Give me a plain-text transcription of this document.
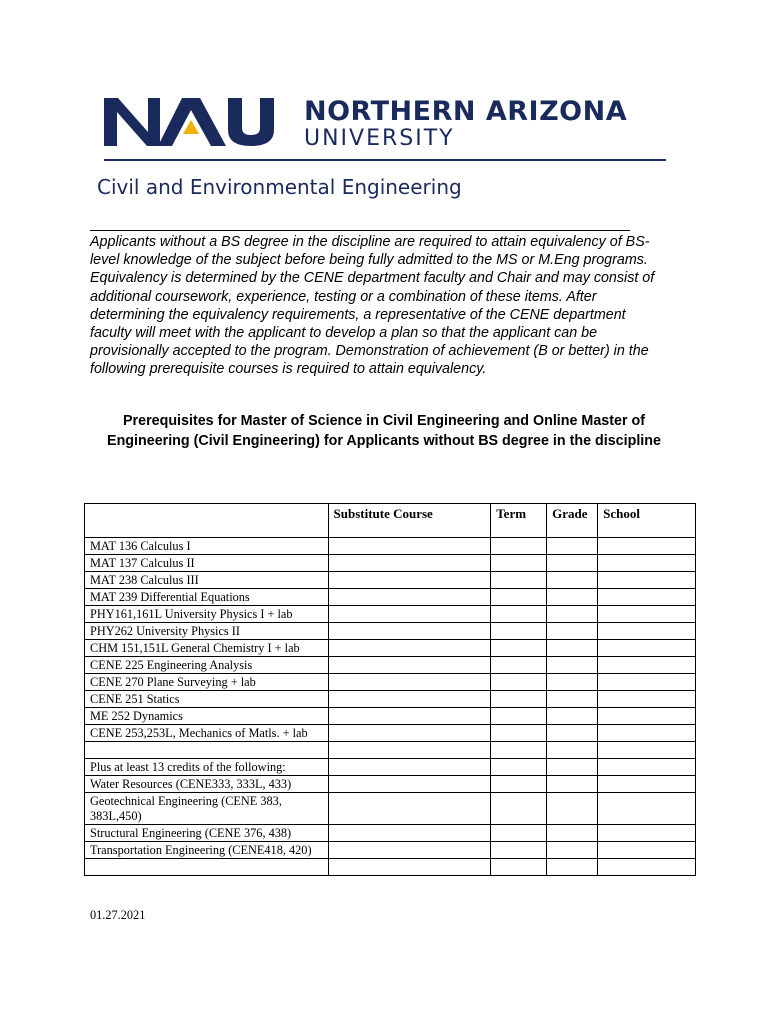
NORTHERN ARIZONA
UNIVERSITY
Civil and Environmental Engineering
Applicants without a BS degree in the discipline are required to attain equivalency of BS-level knowledge of the subject before being fully admitted to the MS or M.Eng programs. Equivalency is determined by the CENE department faculty and Chair and may consist of additional coursework, experience, testing or a combination of these items. After determining the equivalency requirements, a representative of the CENE department faculty will meet with the applicant to develop a plan so that the applicant can be provisionally accepted to the program. Demonstration of achievement (B or better) in the following prerequisite courses is required to attain equivalency.
Prerequisites for Master of Science in Civil Engineering and Online Master of Engineering (Civil Engineering) for Applicants without BS degree in the discipline
	Substitute Course	Term	Grade	School
MAT 136 Calculus I				
MAT 137 Calculus II				
MAT 238 Calculus III				
MAT 239 Differential Equations				
PHY161,161L University Physics I + lab				
PHY262 University Physics II				
CHM 151,151L General Chemistry I + lab				
CENE 225 Engineering Analysis				
CENE 270 Plane Surveying + lab				
CENE 251 Statics				
ME 252 Dynamics				
CENE 253,253L, Mechanics of Matls. + lab				

Plus at least 13 credits of the following:				
Water Resources (CENE333, 333L, 433)				
Geotechnical Engineering (CENE 383, 383L,450)				
Structural Engineering (CENE 376, 438)				
Transportation Engineering (CENE418, 420)				

01.27.2021
